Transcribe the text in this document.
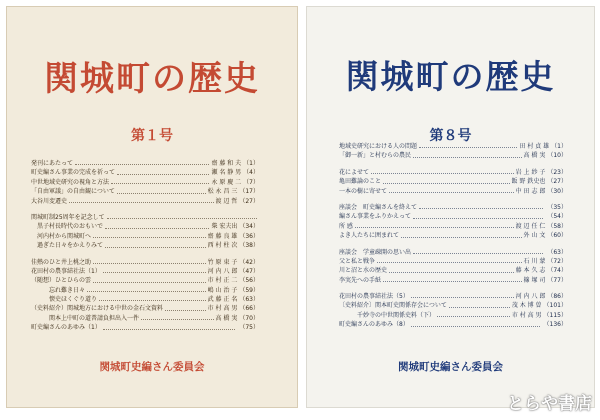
関城町の歴史
第１号
発刊にあたって	齋 藤 和 夫 （1）
町史編さん事業の完成を祈って	瀬 名 静 男 （4）
中世地域史研究の視角と方法	永 原 慶 二 （7）
「自由軍議」の自由観について	松 永 昌 三 （17）
大谷川変遷史	渡 辺 哲 （27）
関城町制25周年を記念して
　黒子村長時代のおもいで	柴 宏夫出 （34）
　河内村から関城町へ	齋 藤 良 雄 （36）
　過ぎた日々をかえりみて	西 村 柱 次 （38）
佳熱のひと井上桃之助	竹 原 束 子 （42）
花田村の農事結社法（1）	河 内 八 郎 （47）
（随想）ひとひらの雲	市 村 正 二 （56）
　　　忘れ難き日々	嶋 山 治 子 （59）
　　　懐史ほくぐり道り	武 藤 正 名 （63）
（史料紹介）関城地方における中世の金石文資料	市 村 高 男 （66）
　　　関本上中町の道普請負担出入一件	高 橋 実 （70）
町史編さんのあゆみ（1）	（75）
関城町史編さん委員会
関城町の歴史
第８号
地域史研究における人の問題	田 村 貞 雄 （1）
「御一新」と村むらの農民	高 橋 実 （10）
花によせて	岩 上 紗 子 （23）
亀田難論のこと	飯 野 鉄史也 （27）
一本の樹に寄せて	中 田 志 郎 （30）
座談会　町史編さんを終えて	（35）
編さん事業をふりかえって	（54）
所 感	渡 辺 任 仁 （58）
よき人たちに囲まれて	外 山 文 （60）
座談会　学童疎開の思い出	（63）
父と私と戦争	石 川 蒙 （72）
川と沼と水の歴史	藤 本 久 志 （74）
李実先への手紙	篠 塚 司 （77）
花田村の農事結社法（5）	河 内 八 郎 （86）
〔史料紹介〕関本町史関係存会について	茂 木 博 曽 （101）
　　　千妙寺の中世関係史料（下）	市 村 高 男 （115）
町史編さんのあゆみ（8）	（136）
関城町史編さん委員会
とらや書店
